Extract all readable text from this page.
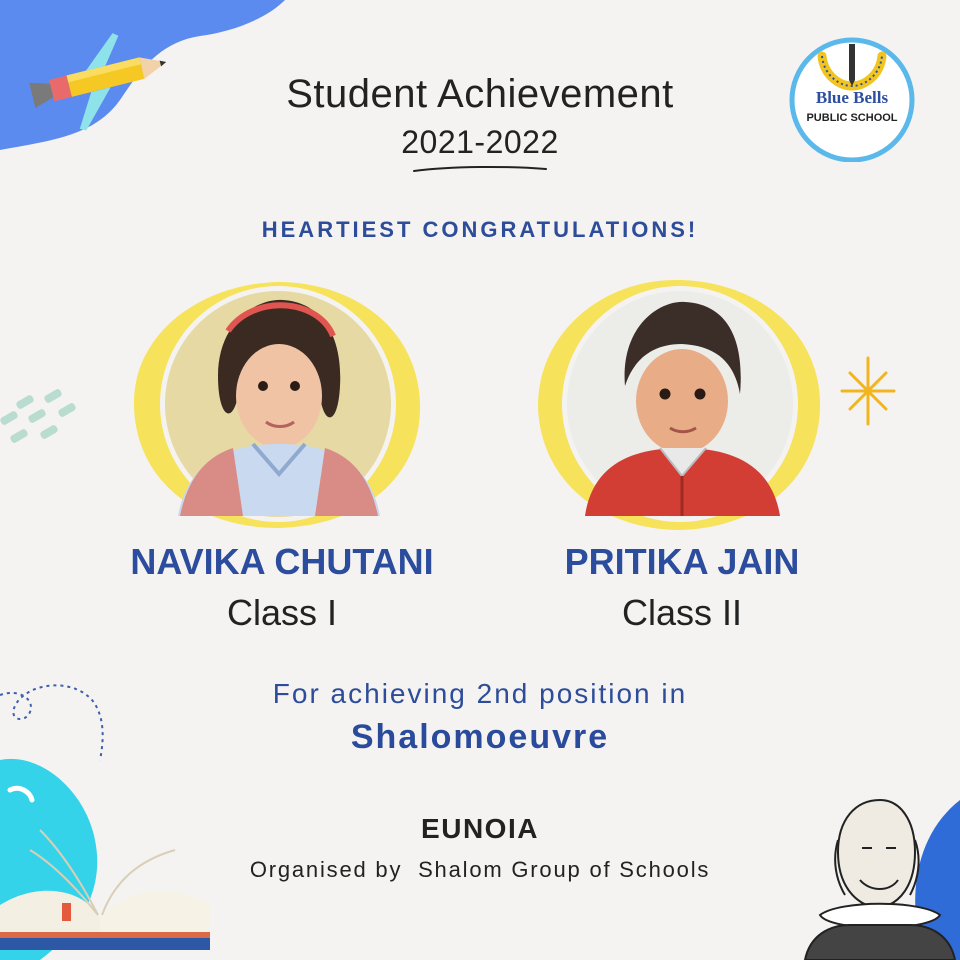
Student Achievement
2021-2022
HEARTIEST CONGRATULATIONS!
Blue Bells
PUBLIC SCHOOL
NAVIKA CHUTANI
Class I
PRITIKA JAIN
Class II
For achieving 2nd position in
Shalomoeuvre
EUNOIA
Organised by  Shalom Group of Schools
